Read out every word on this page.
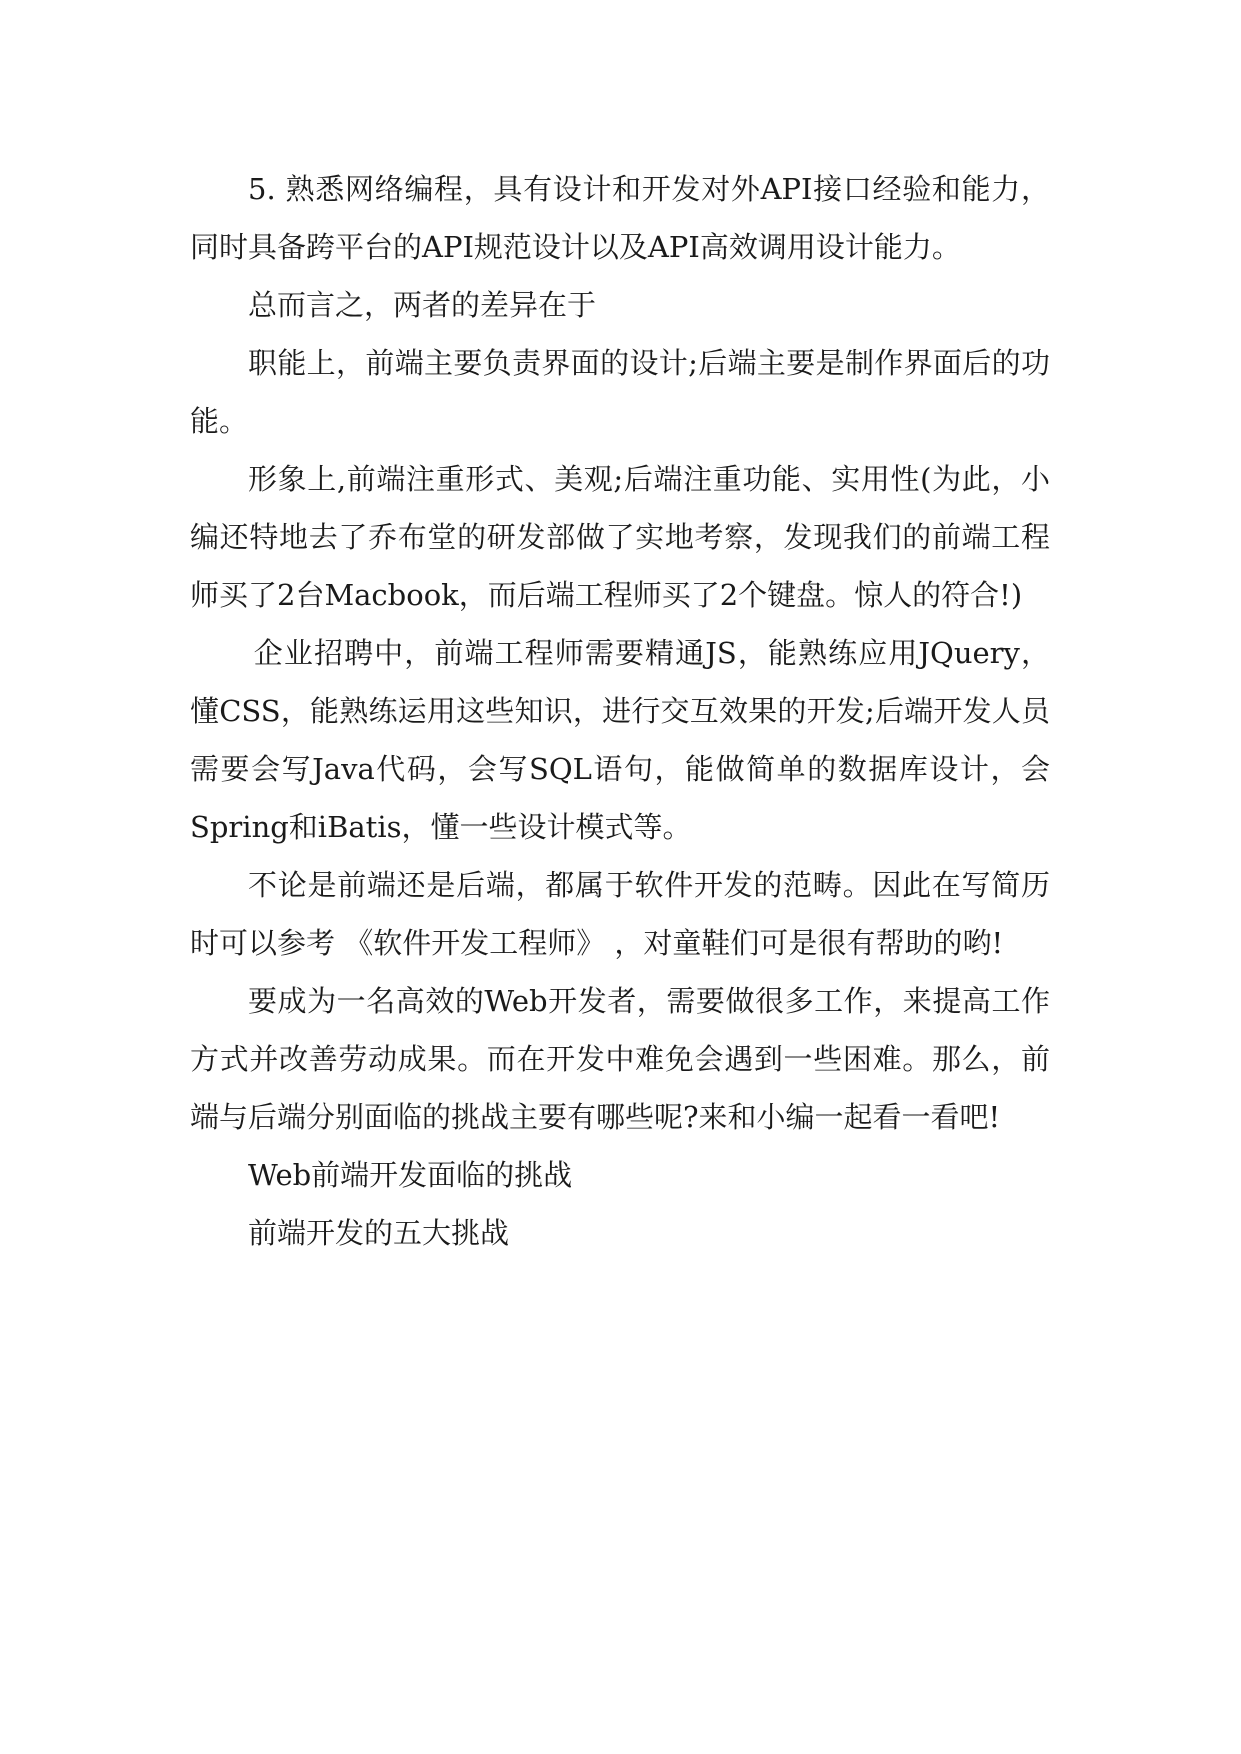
5. 熟悉网络编程，具有设计和开发对外API接口经验和能力，同时具备跨平台的API规范设计以及API高效调用设计能力。

总而言之，两者的差异在于

职能上，前端主要负责界面的设计;后端主要是制作界面后的功能。

形象上,前端注重形式、美观;后端注重功能、实用性(为此，小编还特地去了乔布堂的研发部做了实地考察，发现我们的前端工程师买了2台Macbook，而后端工程师买了2个键盘。惊人的符合!)

企业招聘中，前端工程师需要精通JS，能熟练应用JQuery，懂CSS，能熟练运用这些知识，进行交互效果的开发;后端开发人员需要会写Java代码，会写SQL语句，能做简单的数据库设计，会Spring和iBatis，懂一些设计模式等。

不论是前端还是后端，都属于软件开发的范畴。因此在写简历时可以参考 《软件开发工程师》 ，对童鞋们可是很有帮助的哟!

要成为一名高效的Web开发者，需要做很多工作，来提高工作方式并改善劳动成果。而在开发中难免会遇到一些困难。那么，前端与后端分别面临的挑战主要有哪些呢?来和小编一起看一看吧!

Web前端开发面临的挑战

前端开发的五大挑战
